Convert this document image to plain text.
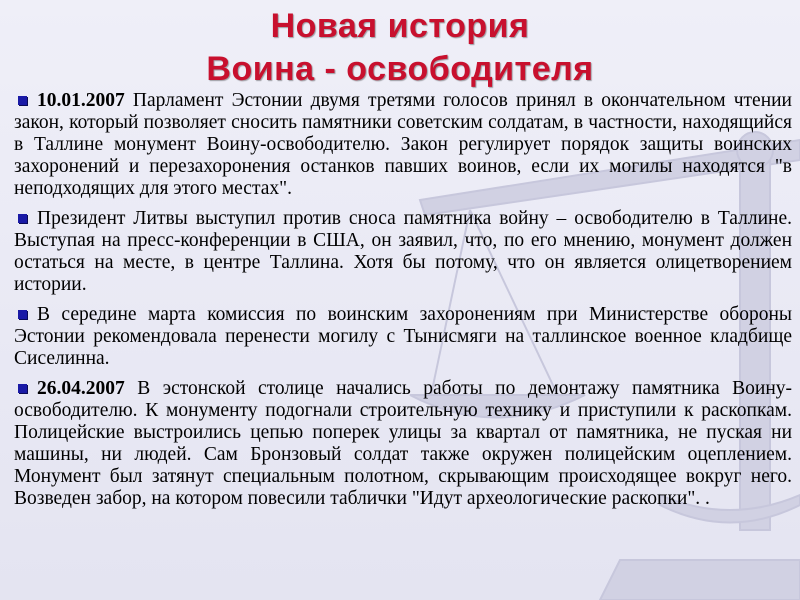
Новая история
Воина - освободителя

10.01.2007 Парламент Эстонии двумя третями голосов принял в окончательном чтении закон, который позволяет сносить памятники советским солдатам, в частности, находящийся в Таллине монумент Воину-освободителю. Закон регулирует порядок защиты воинских захоронений и перезахоронения останков павших воинов, если их могилы находятся "в неподходящих для этого местах".

Президент Литвы выступил против сноса памятника войну – освободителю в Таллине. Выступая на пресс-конференции в США, он заявил, что, по его мнению, монумент должен остаться на месте, в центре Таллина. Хотя бы потому, что он является олицетворением истории.

В середине марта комиссия по воинским захоронениям при Министерстве обороны Эстонии рекомендовала перенести могилу с Тынисмяги на таллинское военное кладбище Сиселинна.

26.04.2007 В эстонской столице начались работы по демонтажу памятника Воину-освободителю. К монументу подогнали строительную технику и приступили к раскопкам. Полицейские выстроились цепью поперек улицы за квартал от памятника, не пуская ни машины, ни людей. Сам Бронзовый солдат также окружен полицейским оцеплением. Монумент был затянут специальным полотном, скрывающим происходящее вокруг него. Возведен забор, на котором повесили таблички "Идут археологические раскопки". .
